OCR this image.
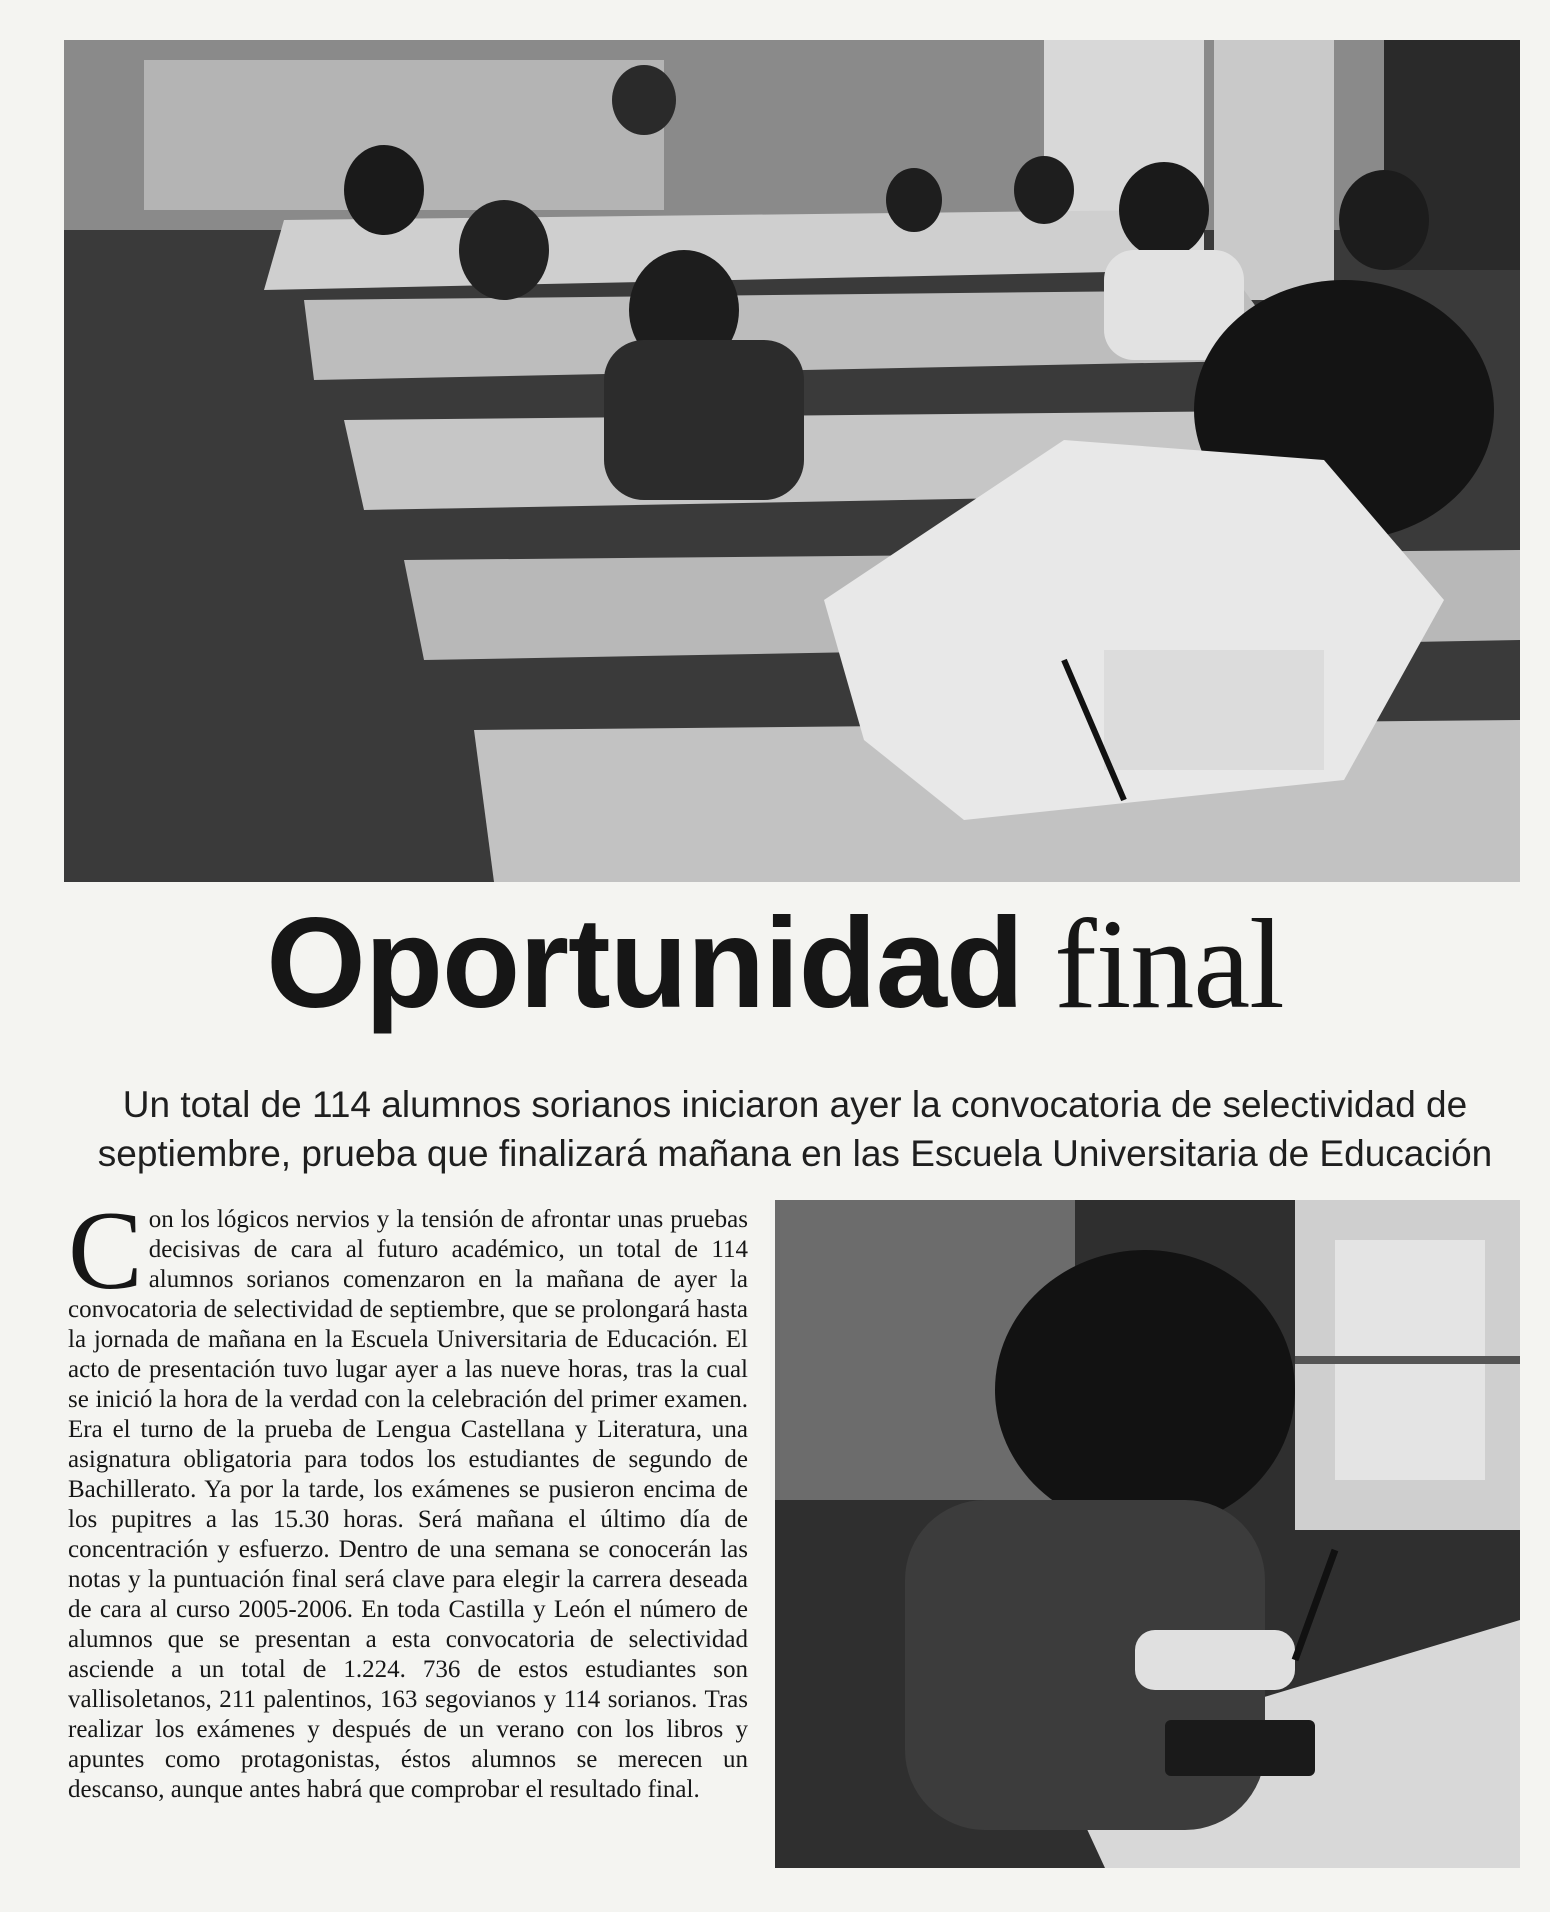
Oportunidad final
Un total de 114 alumnos sorianos iniciaron ayer la convocatoria de selectividad de septiembre, prueba que finalizará mañana en las Escuela Universitaria de Educación
Con los lógicos nervios y la tensión de afrontar unas pruebas decisivas de cara al futuro académico, un total de 114 alumnos sorianos comenzaron en la mañana de ayer la convocatoria de selectividad de septiembre, que se prolongará hasta la jornada de mañana en la Escuela Universitaria de Educación. El acto de presentación tuvo lugar ayer a las nueve horas, tras la cual se inició la hora de la verdad con la celebración del primer examen. Era el turno de la prueba de Lengua Castellana y Literatura, una asignatura obligatoria para todos los estudiantes de segundo de Bachillerato. Ya por la tarde, los exámenes se pusieron encima de los pupitres a las 15.30 horas. Será mañana el último día de concentración y esfuerzo. Dentro de una semana se conocerán las notas y la puntuación final será clave para elegir la carrera deseada de cara al curso 2005-2006. En toda Castilla y León el número de alumnos que se presentan a esta convocatoria de selectividad asciende a un total de 1.224. 736 de estos estudiantes son vallisoletanos, 211 palentinos, 163 segovianos y 114 sorianos. Tras realizar los exámenes y después de un verano con los libros y apuntes como protagonistas, éstos alumnos se merecen un descanso, aunque antes habrá que comprobar el resultado final.
